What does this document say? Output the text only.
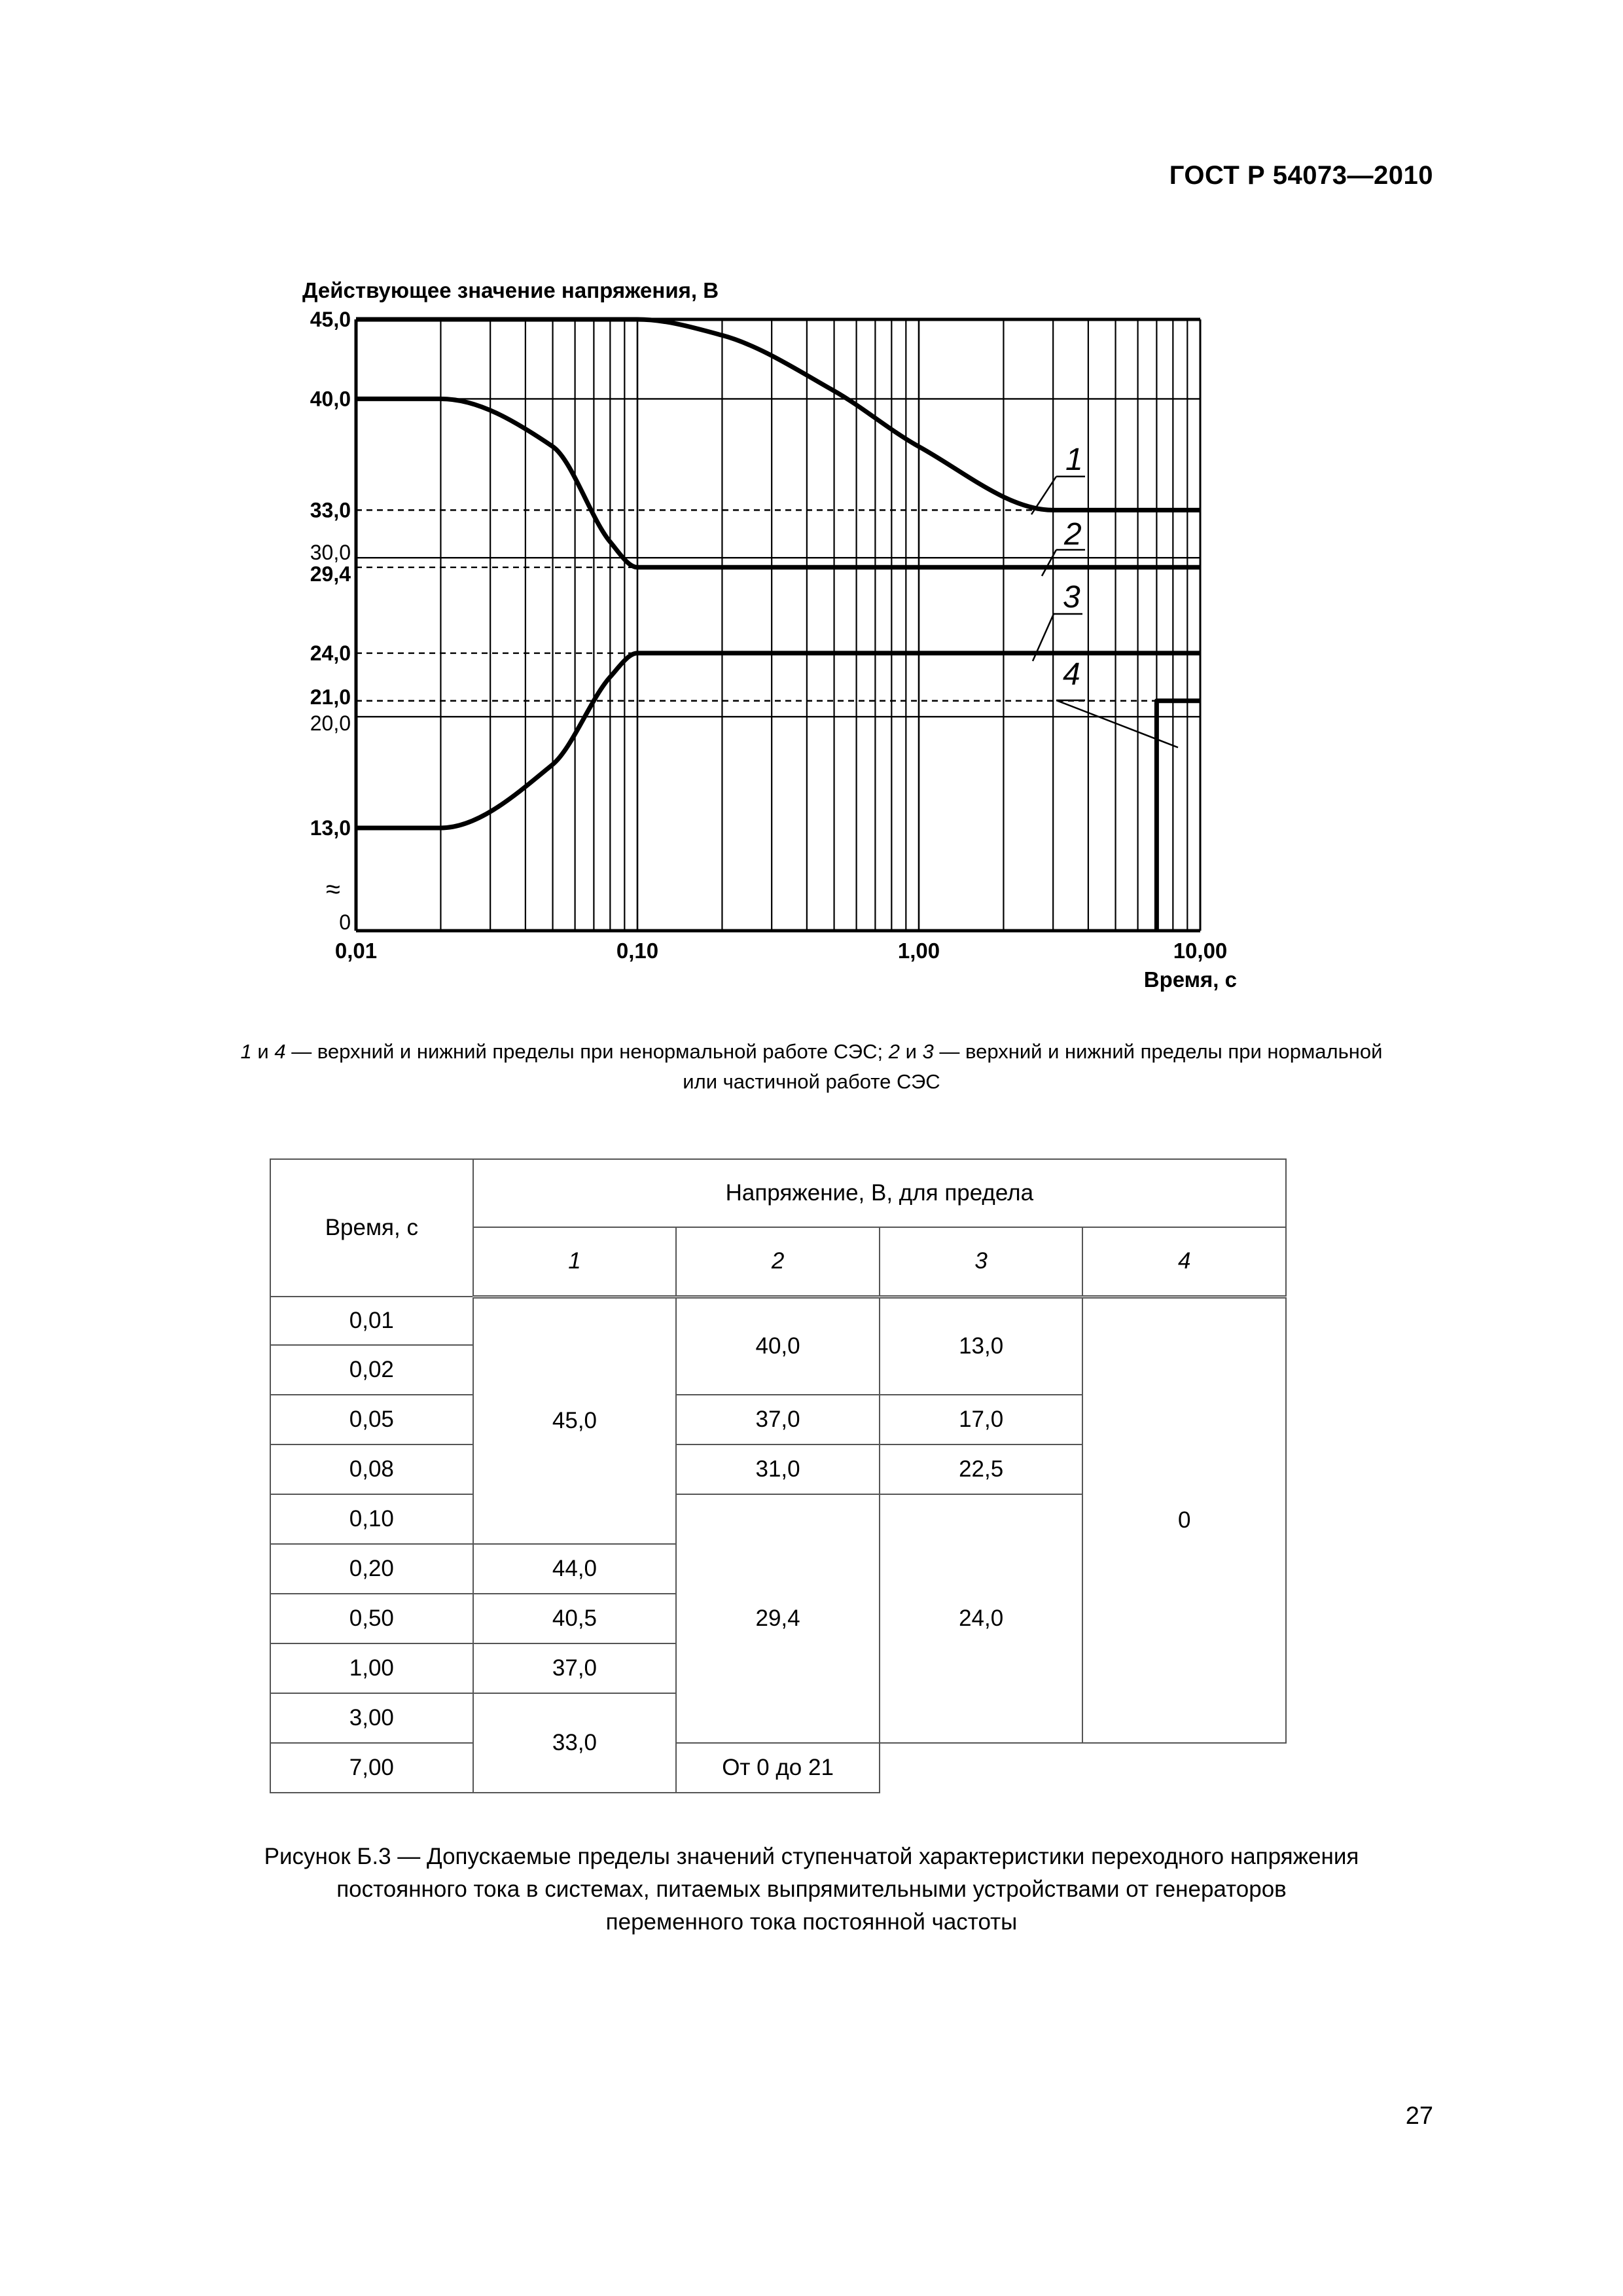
ГОСТ Р 54073—2010
Действующее значение напряжения, В
45,0
40,0
33,0
30,0
29,4
24,0
21,0
20,0
13,0
0
≈
0,01	0,10	1,00	10,00
Время, с
1
2
3
4
1 и 4 — верхний и нижний пределы при ненормальной работе СЭС; 2 и 3 — верхний и нижний пределы при нормальной
или частичной работе СЭС
Время, с	Напряжение, В, для предела			
	1	2	3	4
0,01	45,0	40,0	13,0	0
0,02				
0,05		37,0	17,0	
0,08		31,0	22,5	
0,10		29,4	24,0	
0,20	44,0			
0,50	40,5			
1,00	37,0			
3,00	33,0			
7,00		От 0 до 21		
Рисунок Б.3 — Допускаемые пределы значений ступенчатой характеристики переходного напряжения
постоянного тока в системах, питаемых выпрямительными устройствами от генераторов
переменного тока постоянной частоты
27
